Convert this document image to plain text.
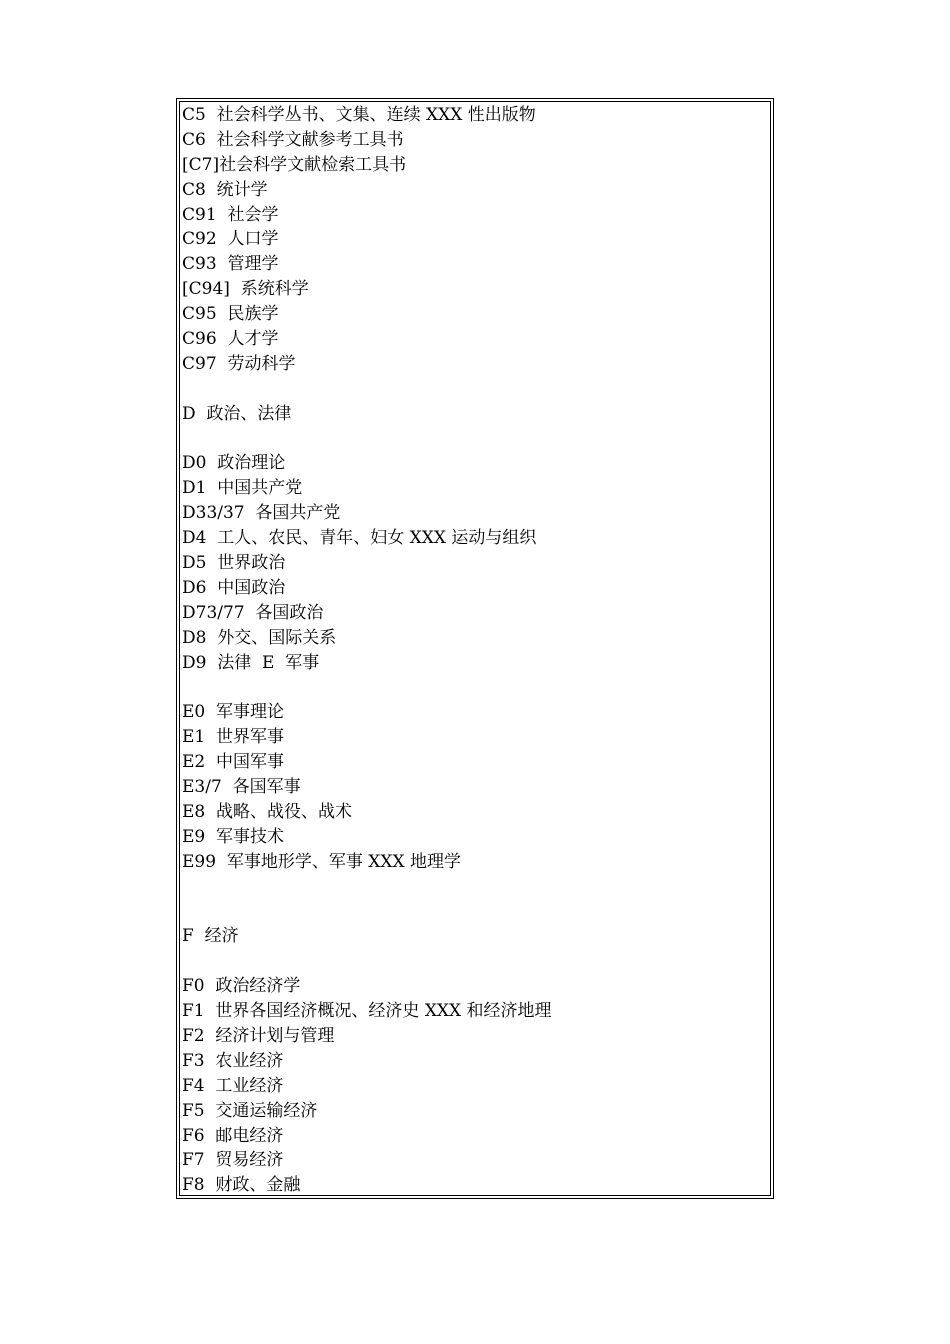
C5  社会科学丛书、文集、连续 XXX 性出版物
C6  社会科学文献参考工具书
[C7]社会科学文献检索工具书
C8  统计学
C91  社会学
C92  人口学
C93  管理学
[C94]  系统科学
C95  民族学
C96  人才学
C97  劳动科学
D  政治、法律
D0  政治理论
D1  中国共产党
D33/37  各国共产党
D4  工人、农民、青年、妇女 XXX 运动与组织
D5  世界政治
D6  中国政治
D73/77  各国政治
D8  外交、国际关系
D9  法律  E  军事
E0  军事理论
E1  世界军事
E2  中国军事
E3/7  各国军事
E8  战略、战役、战术
E9  军事技术
E99  军事地形学、军事 XXX 地理学
F  经济
F0  政治经济学
F1  世界各国经济概况、经济史 XXX 和经济地理
F2  经济计划与管理
F3  农业经济
F4  工业经济
F5  交通运输经济
F6  邮电经济
F7  贸易经济
F8  财政、金融
